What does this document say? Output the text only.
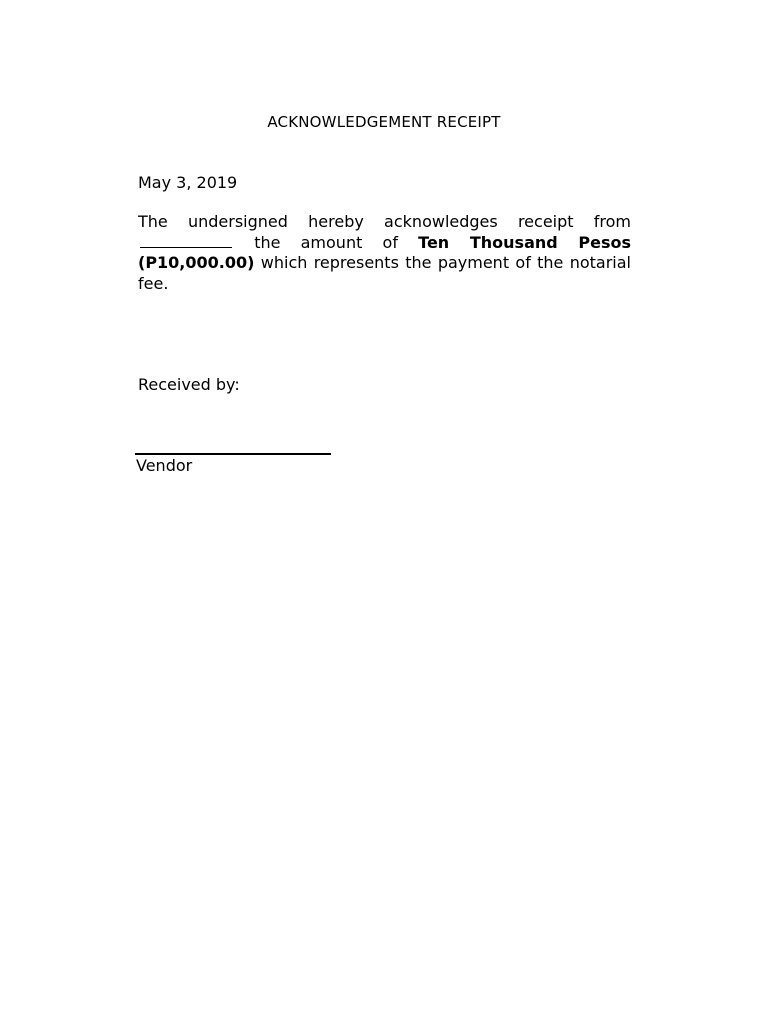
ACKNOWLEDGEMENT RECEIPT
May 3, 2019
The undersigned hereby acknowledges receipt from  the amount of Ten Thousand Pesos (P10,000.00) which represents the payment of the notarial fee.
Received by:
Vendor
